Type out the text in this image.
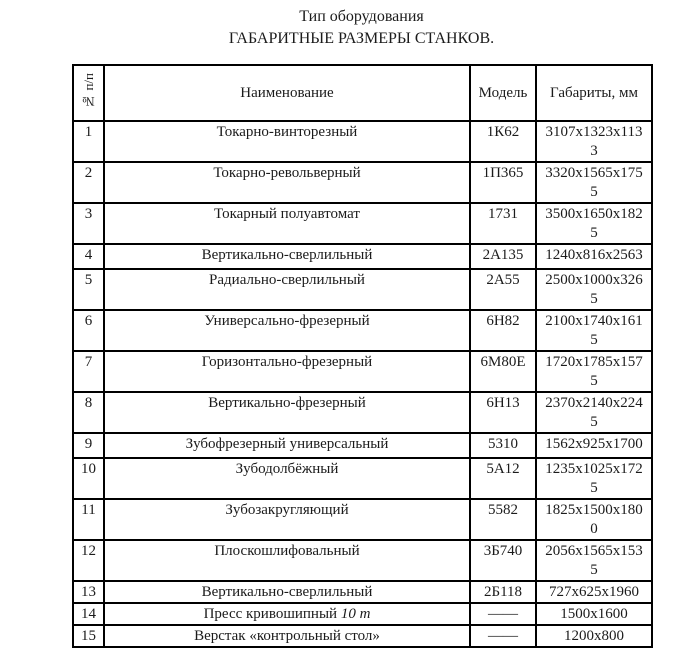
Тип оборудования
ГАБАРИТНЫЕ РАЗМЕРЫ СТАНКОВ.
№ п/п	Наименование	Модель	Габариты, мм
1	Токарно-винторезный	1К62	3107х1323х113
3
2	Токарно-револьверный	1П365	3320х1565х175
5
3	Токарный полуавтомат	1731	3500х1650х182
5
4	Вертикально-сверлильный	2А135	1240х816х2563
5	Радиально-сверлильный	2А55	2500х1000х326
5
6	Универсально-фрезерный	6Н82	2100х1740х161
5
7	Горизонтально-фрезерный	6М80Е	1720х1785х157
5
8	Вертикально-фрезерный	6Н13	2370х2140х224
5
9	Зубофрезерный универсальный	5310	1562х925х1700
10	Зубодолбёжный	5А12	1235х1025х172
5
11	Зубозакругляющий	5582	1825х1500х180
0
12	Плоскошлифовальный	3Б740	2056х1565х153
5
13	Вертикально-сверлильный	2Б118	727х625х1960
14	Пресс кривошипный 10 т	——	1500х1600
15	Верстак «контрольный стол»	——	1200х800
